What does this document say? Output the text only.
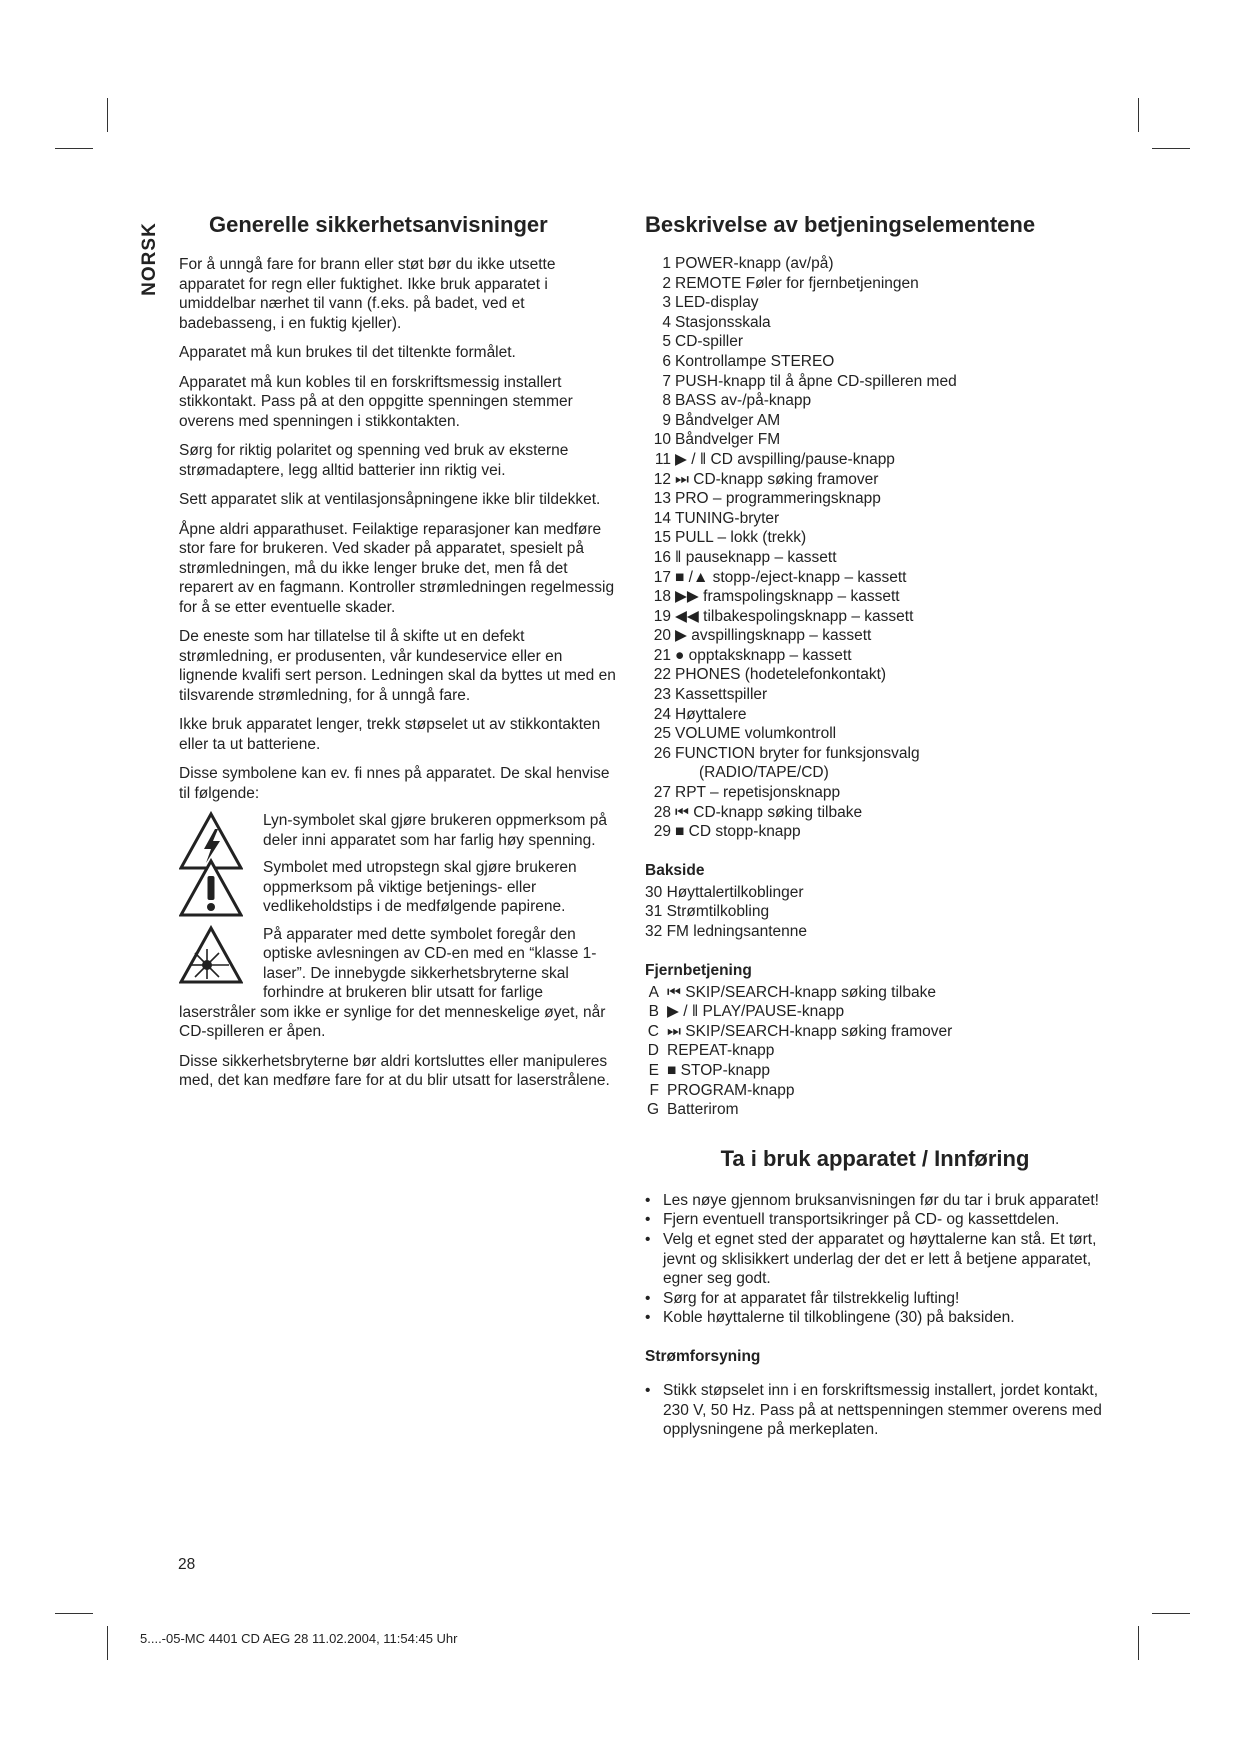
NORSK	Generelle sikkerhetsanvisninger

For å unngå fare for brann eller støt bør du ikke utsette apparatet for regn eller fuktighet. Ikke bruk apparatet i umiddelbar nærhet til vann (f.eks. på badet, ved et badebasseng, i en fuktig kjeller).

Apparatet må kun brukes til det tiltenkte formålet.

Apparatet må kun kobles til en forskriftsmessig installert stikkontakt. Pass på at den oppgitte spenningen stemmer overens med spenningen i stikkontakten.

Sørg for riktig polaritet og spenning ved bruk av eksterne strømadaptere, legg alltid batterier inn riktig vei.

Sett apparatet slik at ventilasjonsåpningene ikke blir tildekket.

Åpne aldri apparathuset. Feilaktige reparasjoner kan medføre stor fare for brukeren. Ved skader på apparatet, spesielt på strømledningen, må du ikke lenger bruke det, men få det reparert av en fagmann. Kontroller strømledningen regelmessig for å se etter eventuelle skader.

De eneste som har tillatelse til å skifte ut en defekt strømledning, er produsenten, vår kundeservice eller en lignende kvalifi sert person. Ledningen skal da byttes ut med en tilsvarende strømledning, for å unngå fare.

Ikke bruk apparatet lenger, trekk støpselet ut av stikkontakten eller ta ut batteriene.

Disse symbolene kan ev. fi nnes på apparatet. De skal henvise til følgende:

Lyn-symbolet skal gjøre brukeren oppmerksom på deler inni apparatet som har farlig høy spenning.
Symbolet med utropstegn skal gjøre brukeren oppmerksom på viktige betjenings- eller vedlikeholdstips i de medfølgende papirene.
På apparater med dette symbolet foregår den optiske avlesningen av CD-en med en “klasse 1-laser”. De innebygde sikkerhetsbryterne skal forhindre at brukeren blir utsatt for farlige
laserstråler som ikke er synlige for det menneskelige øyet, når CD-spilleren er åpen.

Disse sikkerhetsbryterne bør aldri kortsluttes eller manipuleres med, det kan medføre fare for at du blir utsatt for laserstrålene.

Beskrivelse av betjeningselementene
1 POWER-knapp (av/på)
2 REMOTE Føler for fjernbetjeningen
3 LED-display
4 Stasjonsskala
5 CD-spiller
6 Kontrollampe STEREO
7 PUSH-knapp til å åpne CD-spilleren med
8 BASS av-/på-knapp
9 Båndvelger AM
10 Båndvelger FM
11 ▶ / ‖ CD avspilling/pause-knapp
12 ⏭ CD-knapp søking framover
13 PRO – programmeringsknapp
14 TUNING-bryter
15 PULL – lokk (trekk)
16 ‖ pauseknapp – kassett
17 ■ /▲ stopp-/eject-knapp – kassett
18 ▶▶ framspolingsknapp – kassett
19 ◀◀ tilbakespolingsknapp – kassett
20 ▶ avspillingsknapp – kassett
21 ● opptaksknapp – kassett
22 PHONES (hodetelefonkontakt)
23 Kassettspiller
24 Høyttalere
25 VOLUME volumkontroll
26 FUNCTION bryter for funksjonsvalg
(RADIO/TAPE/CD)
27 RPT – repetisjonsknapp
28 ⏮ CD-knapp søking tilbake
29 ■ CD stopp-knapp
Bakside
30 Høyttalertilkoblinger
31 Strømtilkobling
32 FM ledningsantenne
Fjernbetjening
A ⏮ SKIP/SEARCH-knapp søking tilbake
B ▶ / ‖ PLAY/PAUSE-knapp
C ⏭ SKIP/SEARCH-knapp søking framover
D REPEAT-knapp
E ■ STOP-knapp
F PROGRAM-knapp
G Batterirom
Ta i bruk apparatet / Innføring
• Les nøye gjennom bruksanvisningen før du tar i bruk apparatet!
• Fjern eventuell transportsikringer på CD- og kassettdelen.
• Velg et egnet sted der apparatet og høyttalerne kan stå. Et tørt, jevnt og sklisikkert underlag der det er lett å betjene apparatet, egner seg godt.
• Sørg for at apparatet får tilstrekkelig lufting!
• Koble høyttalerne til tilkoblingene (30) på baksiden.
Strømforsyning
• Stikk støpselet inn i en forskriftsmessig installert, jordet kontakt, 230 V, 50 Hz. Pass på at nettspenningen stemmer overens med opplysningene på merkeplaten.
28
5....-05-MC 4401 CD AEG 28 11.02.2004, 11:54:45 Uhr
